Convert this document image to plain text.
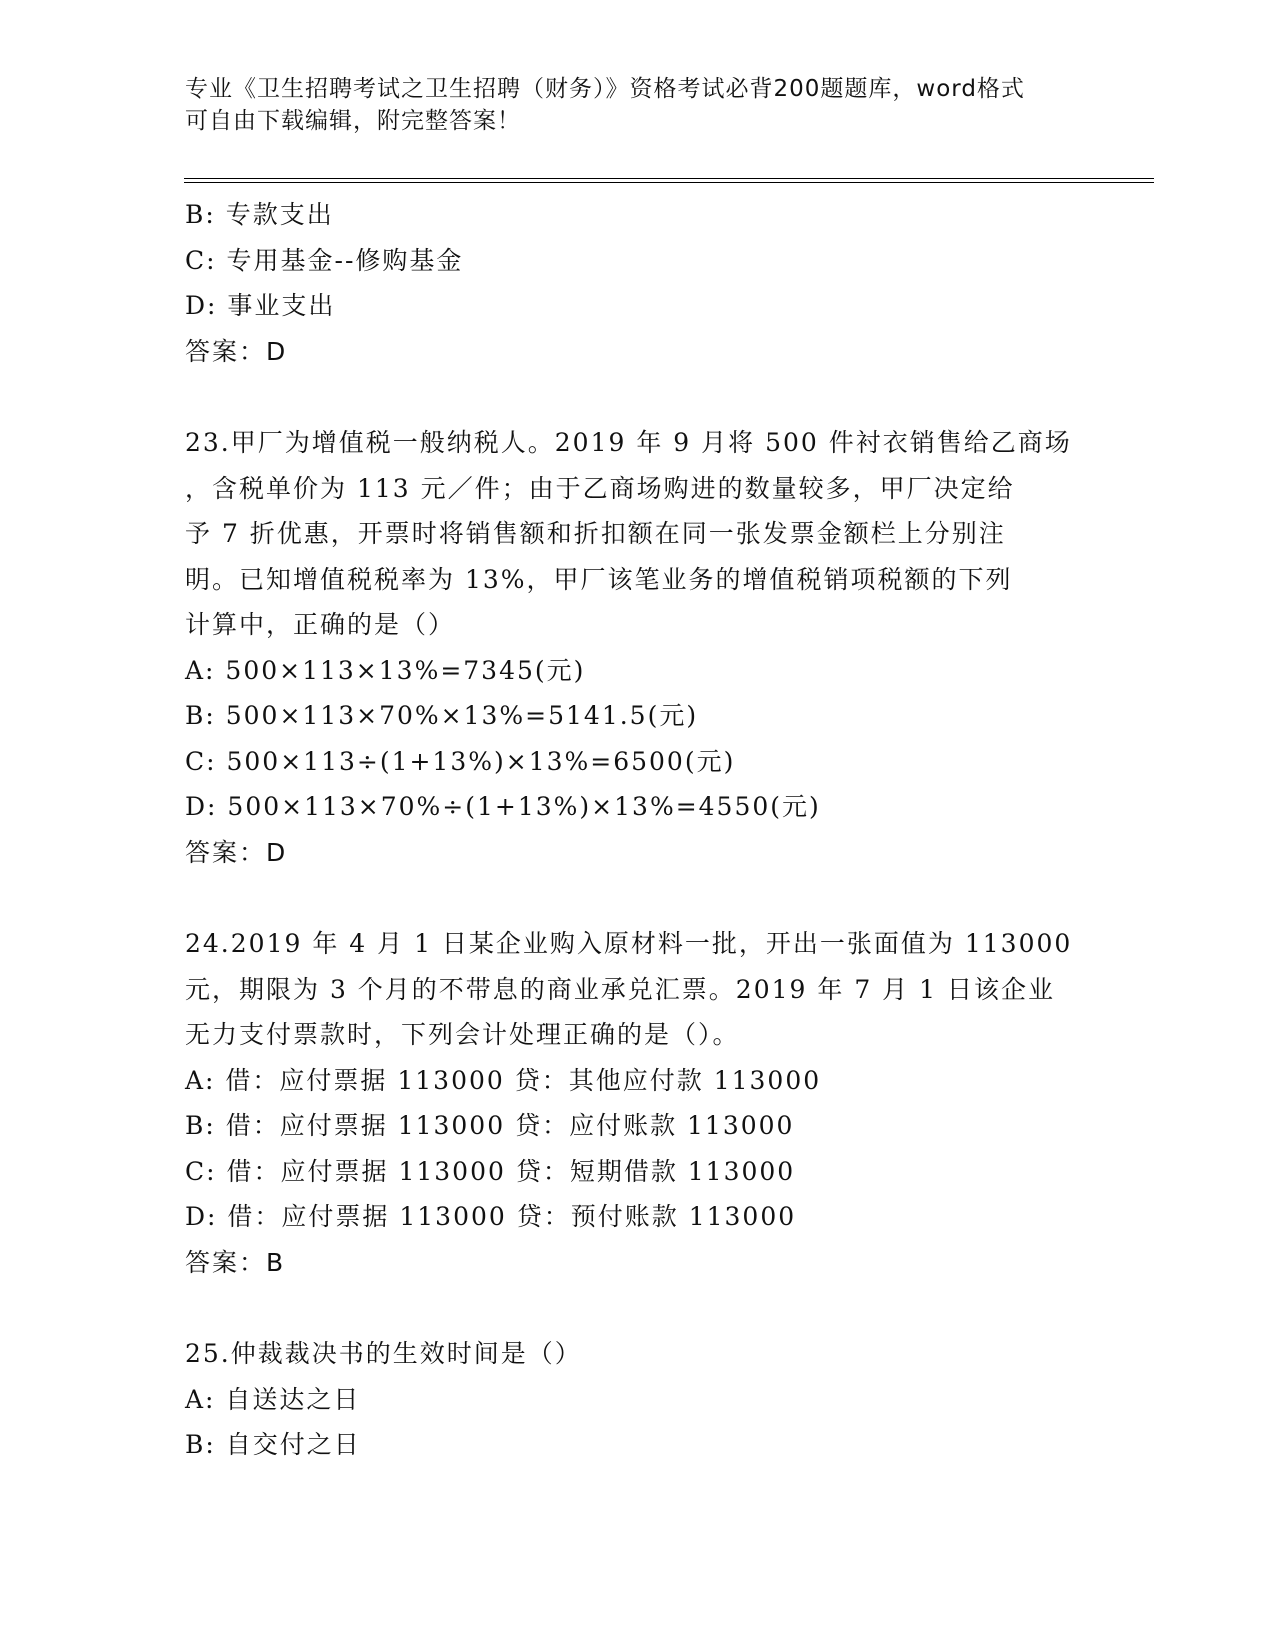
专业《卫生招聘考试之卫生招聘（财务）》资格考试必背200题题库，word格式
可自由下载编辑，附完整答案！
B: 专款支出
C: 专用基金--修购基金
D: 事业支出
答案：D
23.甲厂为增值税一般纳税人。2019 年 9 月将 500 件衬衣销售给乙商场
，含税单价为 113 元／件；由于乙商场购进的数量较多，甲厂决定给
予 7 折优惠，开票时将销售额和折扣额在同一张发票金额栏上分别注
明。已知增值税税率为 13%，甲厂该笔业务的增值税销项税额的下列
计算中，正确的是（）
A: 500×113×13%=7345(元)
B: 500×113×70%×13%=5141.5(元)
C: 500×113÷(1+13%)×13%=6500(元)
D: 500×113×70%÷(1+13%)×13%=4550(元)
答案：D
24.2019 年 4 月 1 日某企业购入原材料一批，开出一张面值为 113000
元，期限为 3 个月的不带息的商业承兑汇票。2019 年 7 月 1 日该企业
无力支付票款时，下列会计处理正确的是（）。
A: 借：应付票据 113000 贷：其他应付款 113000
B: 借：应付票据 113000 贷：应付账款 113000
C: 借：应付票据 113000 贷：短期借款 113000
D: 借：应付票据 113000 贷：预付账款 113000
答案：B
25.仲裁裁决书的生效时间是（）
A: 自送达之日
B: 自交付之日
